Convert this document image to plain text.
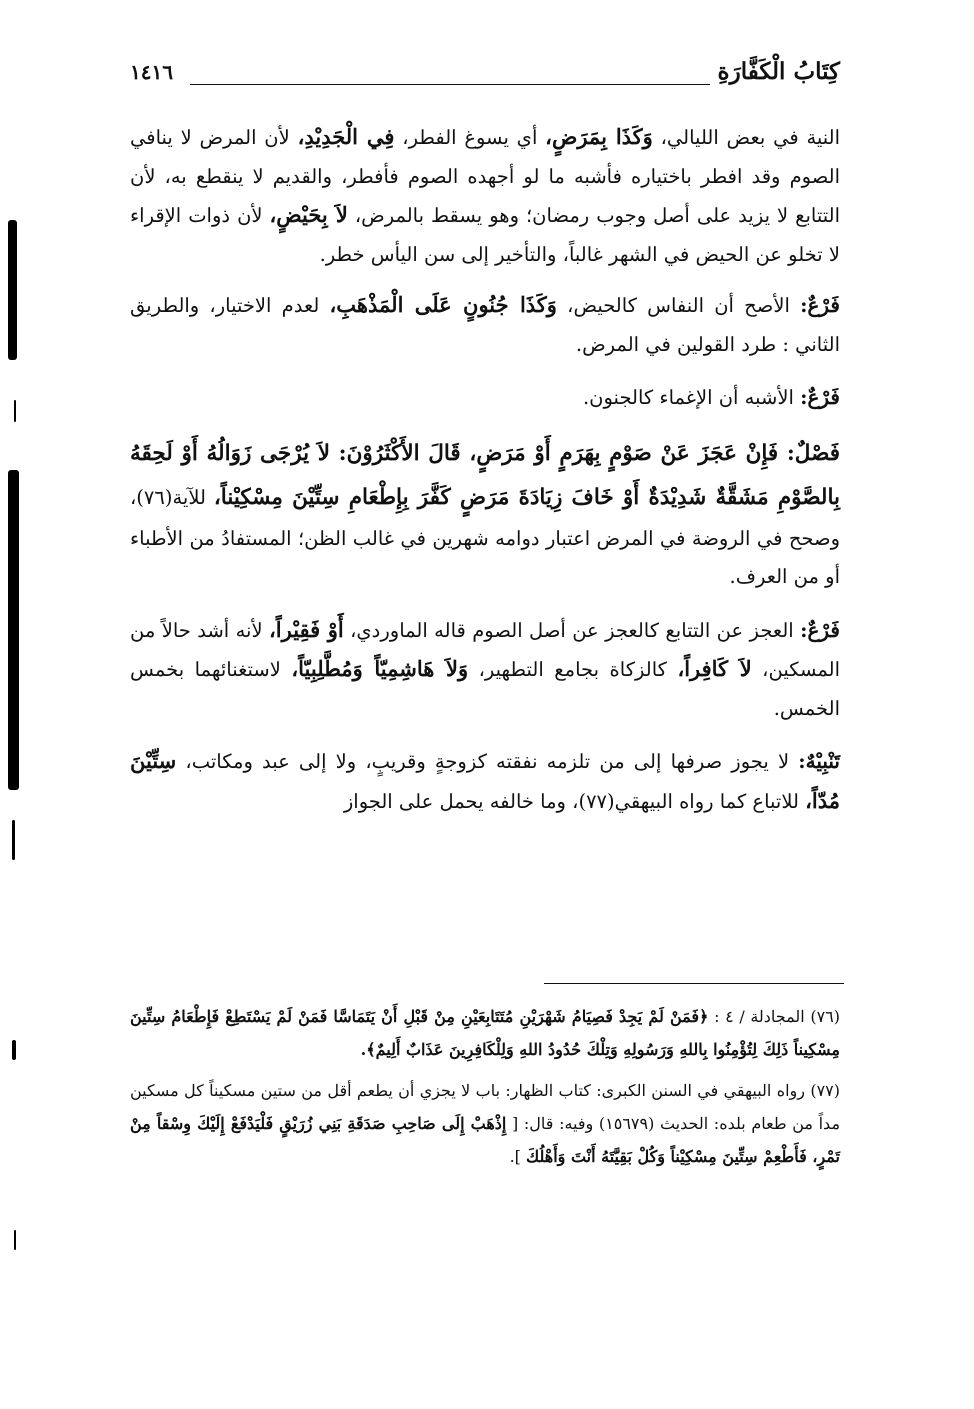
كِتَابُ الْكَفَّارَةِ
١٤١٦

النية في بعض الليالي، وَكَذَا بِمَرَضٍ، أي يسوغ الفطر، فِي الْجَدِيْدِ، لأن المرض لا ينافي الصوم وقد افطر باختياره فأشبه ما لو أجهده الصوم فأفطر، والقديم لا ينقطع به، لأن التتابع لا يزيد على أصل وجوب رمضان؛ وهو يسقط بالمرض، لاَ بِحَيْضٍ، لأن ذوات الإقراء لا تخلو عن الحيض في الشهر غالباً، والتأخير إلى سن اليأس خطر.

فَرْعٌ: الأصح أن النفاس كالحيض، وَكَذَا جُنُونٍ عَلَى الْمَذْهَبِ، لعدم الاختيار، والطريق الثاني : طرد القولين في المرض.

فَرْعٌ: الأشبه أن الإغماء كالجنون.

فَصْلٌ: فَإِنْ عَجَزَ عَنْ صَوْمٍ بِهَرَمٍ أَوْ مَرَضٍ، قَالَ الأَكْثَرُوْنَ: لاَ يُرْجَى زَوَالُهُ أَوْ لَحِقَهُ بِالصَّوْمِ مَشَقَّةٌ شَدِيْدَةٌ أَوْ خَافَ زِيَادَةَ مَرَضٍ كَفَّرَ بِإِطْعَامِ سِتِّيْنَ مِسْكِيْناً، للآية(٧٦)، وصحح في الروضة في المرض اعتبار دوامه شهرين في غالب الظن؛ المستفادُ من الأطباء أو من العرف.

فَرْعٌ: العجز عن التتابع كالعجز عن أصل الصوم قاله الماوردي، أَوْ فَقِيْراً، لأنه أشد حالاً من المسكين، لاَ كَافِراً، كالزكاة بجامع التطهير، وَلاَ هَاشِمِيّاً وَمُطَّلِبِيّاً، لاستغنائهما بخمس الخمس.

تَنْبِيْهٌ: لا يجوز صرفها إلى من تلزمه نفقته كزوجةٍ وقريبٍ، ولا إلى عبد ومكاتب، سِتِّيْنَ مُدّاً، للاتباع كما رواه البيهقي(٧٧)، وما خالفه يحمل على الجواز

(٧٦) المجادلة / ٤ : ﴿فَمَنْ لَمْ يَجِدْ فَصِيَامُ شَهْرَيْنِ مُتَتَابِعَيْنِ مِنْ قَبْلِ أَنْ يَتَمَاسَّا فَمَنْ لَمْ يَسْتَطِعْ فَإِطْعَامُ سِتِّينَ مِسْكِيناً ذَلِكَ لِتُؤْمِنُوا بِاللهِ وَرَسُولِهِ وَتِلْكَ حُدُودُ اللهِ وَلِلْكَافِرِينَ عَذَابٌ أَلِيمٌ﴾.

(٧٧) رواه البيهقي في السنن الكبرى: كتاب الظهار: باب لا يجزي أن يطعم أقل من ستين مسكيناً كل مسكين مداً من طعام بلده: الحديث (١٥٦٧٩) وفيه: قال: [ إِذْهَبْ إِلَى صَاحِبِ صَدَقَةِ بَنِي زُرَيْقٍ فَلْيَدْفَعْ إِلَيْكَ وِسْقاً مِنْ تَمْرٍ، فَأَطْعِمْ سِتِّينَ مِسْكِيْناً وَكُلْ بَقِيَّتَهُ أَنْتَ وَأَهْلُكَ ].
